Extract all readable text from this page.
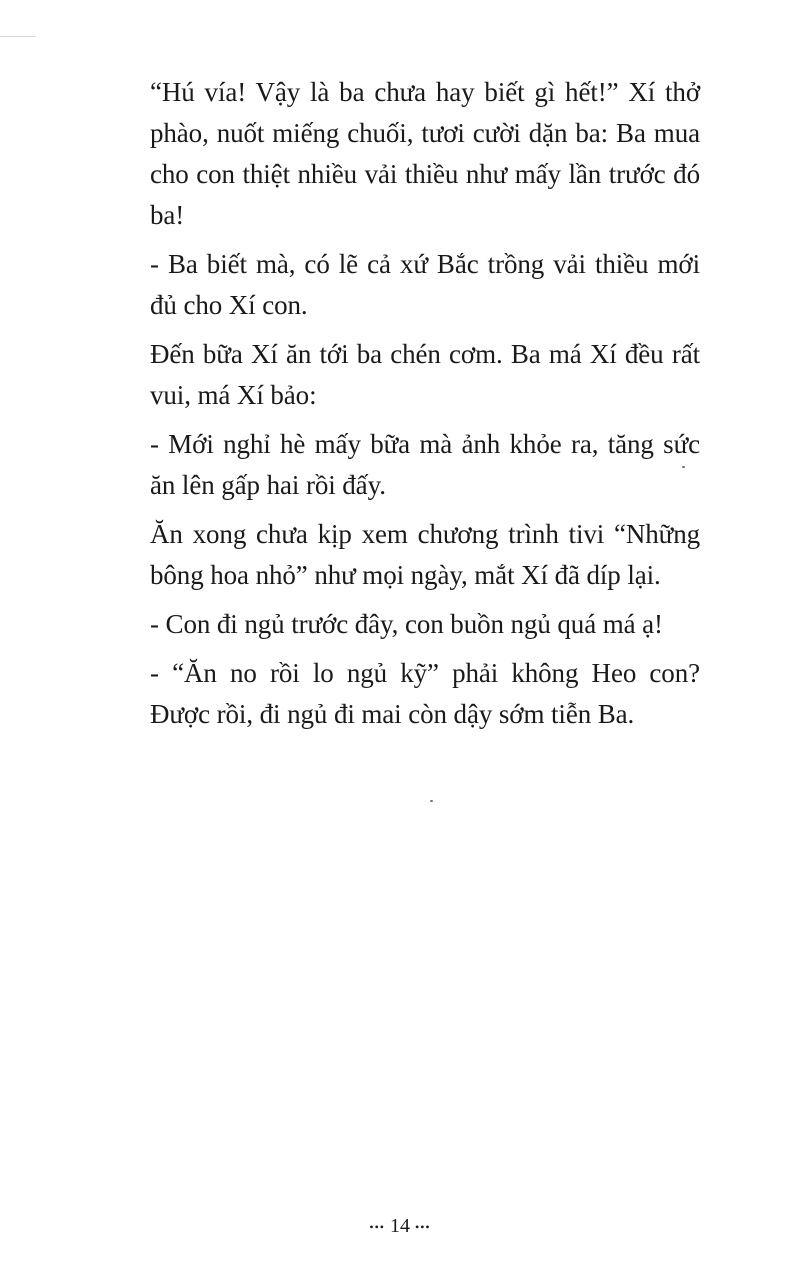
“Hú vía! Vậy là ba chưa hay biết gì hết!” Xí thở phào, nuốt miếng chuối, tươi cười dặn ba: Ba mua cho con thiệt nhiều vải thiều như mấy lần trước đó ba!

- Ba biết mà, có lẽ cả xứ Bắc trồng vải thiều mới đủ cho Xí con.

Đến bữa Xí ăn tới ba chén cơm. Ba má Xí đều rất vui, má Xí bảo:

- Mới nghỉ hè mấy bữa mà ảnh khỏe ra, tăng sức ăn lên gấp hai rồi đấy.

Ăn xong chưa kịp xem chương trình tivi “Những bông hoa nhỏ” như mọi ngày, mắt Xí đã díp lại.

- Con đi ngủ trước đây, con buồn ngủ quá má ạ!

- “Ăn no rồi lo ngủ kỹ” phải không Heo con? Được rồi, đi ngủ đi mai còn dậy sớm tiễn Ba.

••• 14 •••
